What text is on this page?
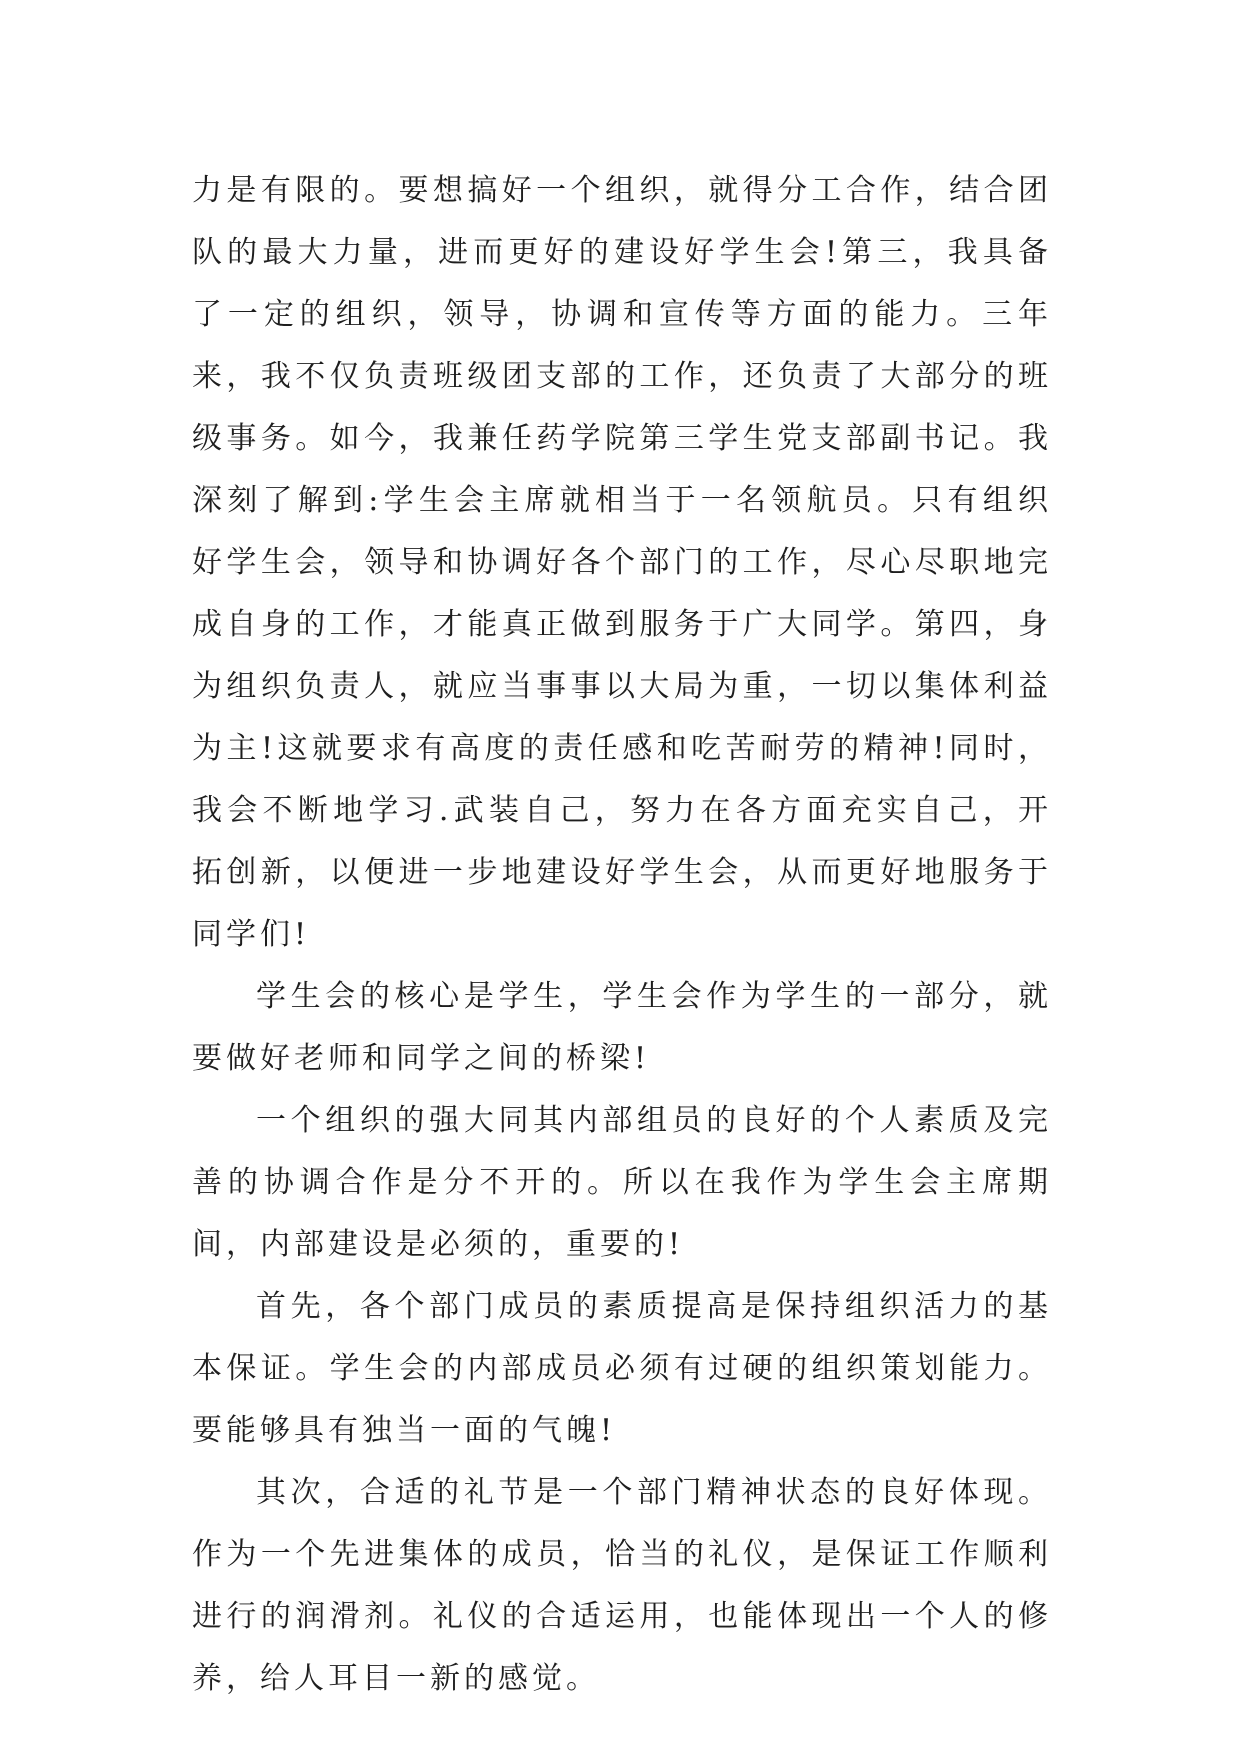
力是有限的。要想搞好一个组织，就得分工合作，结合团队的最大力量，进而更好的建设好学生会!第三，我具备了一定的组织，领导，协调和宣传等方面的能力。三年来，我不仅负责班级团支部的工作，还负责了大部分的班级事务。如今，我兼任药学院第三学生党支部副书记。我深刻了解到:学生会主席就相当于一名领航员。只有组织好学生会，领导和协调好各个部门的工作，尽心尽职地完成自身的工作，才能真正做到服务于广大同学。第四，身为组织负责人，就应当事事以大局为重，一切以集体利益为主!这就要求有高度的责任感和吃苦耐劳的精神!同时，我会不断地学习.武装自己，努力在各方面充实自己，开拓创新，以便进一步地建设好学生会，从而更好地服务于同学们!

学生会的核心是学生，学生会作为学生的一部分，就要做好老师和同学之间的桥梁!

一个组织的强大同其内部组员的良好的个人素质及完善的协调合作是分不开的。所以在我作为学生会主席期间，内部建设是必须的，重要的!

首先，各个部门成员的素质提高是保持组织活力的基本保证。学生会的内部成员必须有过硬的组织策划能力。要能够具有独当一面的气魄!

其次，合适的礼节是一个部门精神状态的良好体现。作为一个先进集体的成员，恰当的礼仪，是保证工作顺利进行的润滑剂。礼仪的合适运用，也能体现出一个人的修养，给人耳目一新的感觉。
